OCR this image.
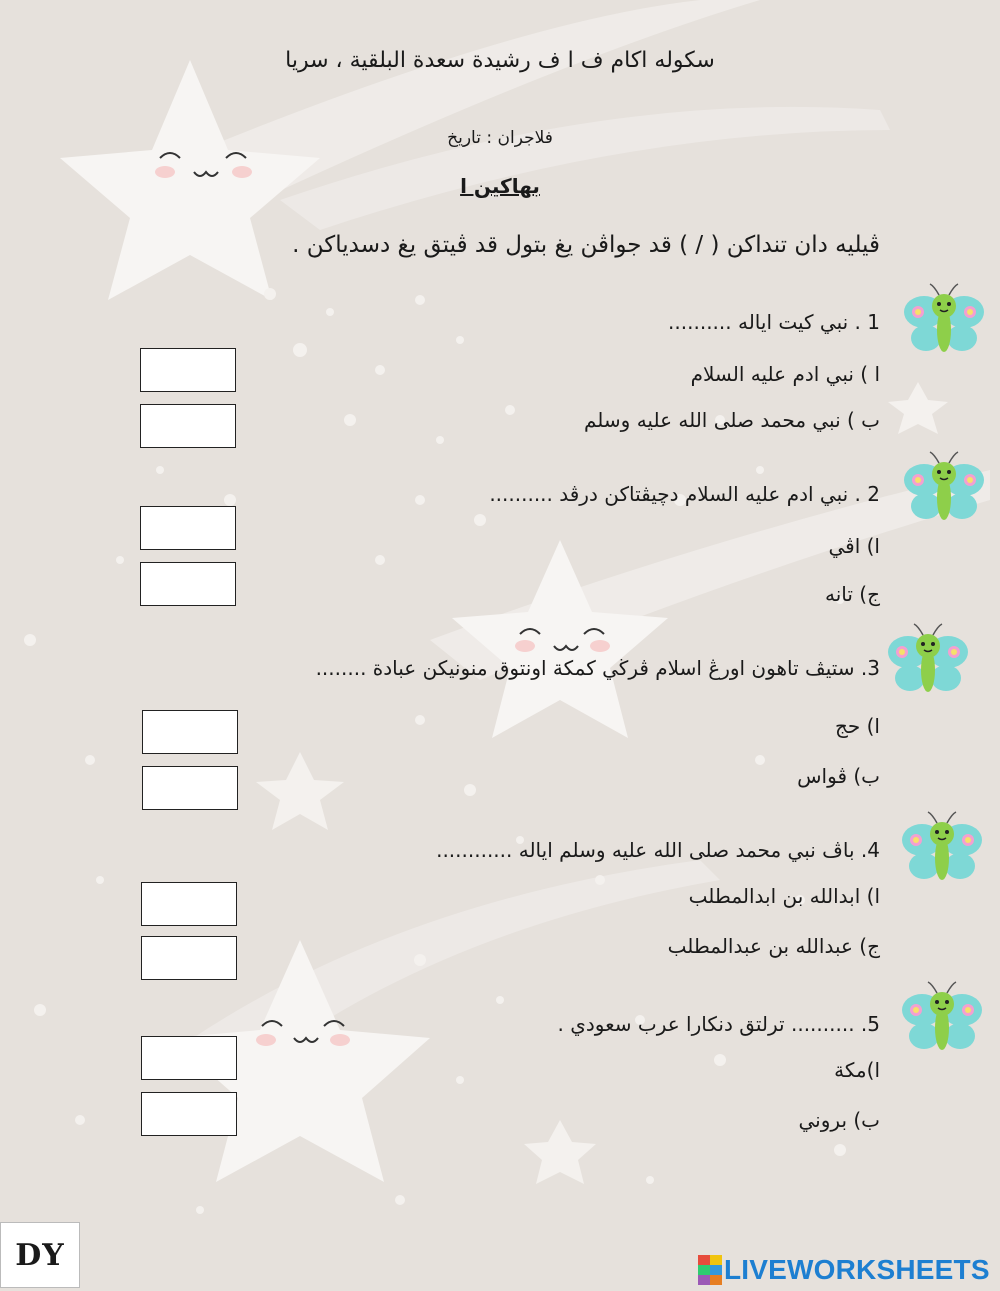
سكوله اكام ف ا ف رشيدة سعدة البلقية ، سريا
فلاجران : تاريخ
بهاكين ا
ڤيليه دان تنداكن ( / ) قد جواڤن يغ بتول قد ڤيتق يغ دسدياكن .
1 . نبي كيت اياله ..........
ا ) نبي ادم عليه السلام
ب ) نبي محمد صلى الله عليه وسلم
2 . نبي ادم عليه السلام دچيڤتاكن درڤد ..........
ا) اڤي
ج) تانه
3. ستيڤ تاهون اورڠ اسلام ڤرڬي كمكة اونتوق منونيكن عبادة ........
ا) حج
ب) ڤواس
4. باڤ نبي محمد صلى الله عليه وسلم اياله ............
ا) ابدالله بن ابدالمطلب
ج) عبدالله بن عبدالمطلب
5. .......... ترلتق دنكارا عرب سعودي .
ا)مكة
ب) بروني
DY	LIVEWORKSHEETS
